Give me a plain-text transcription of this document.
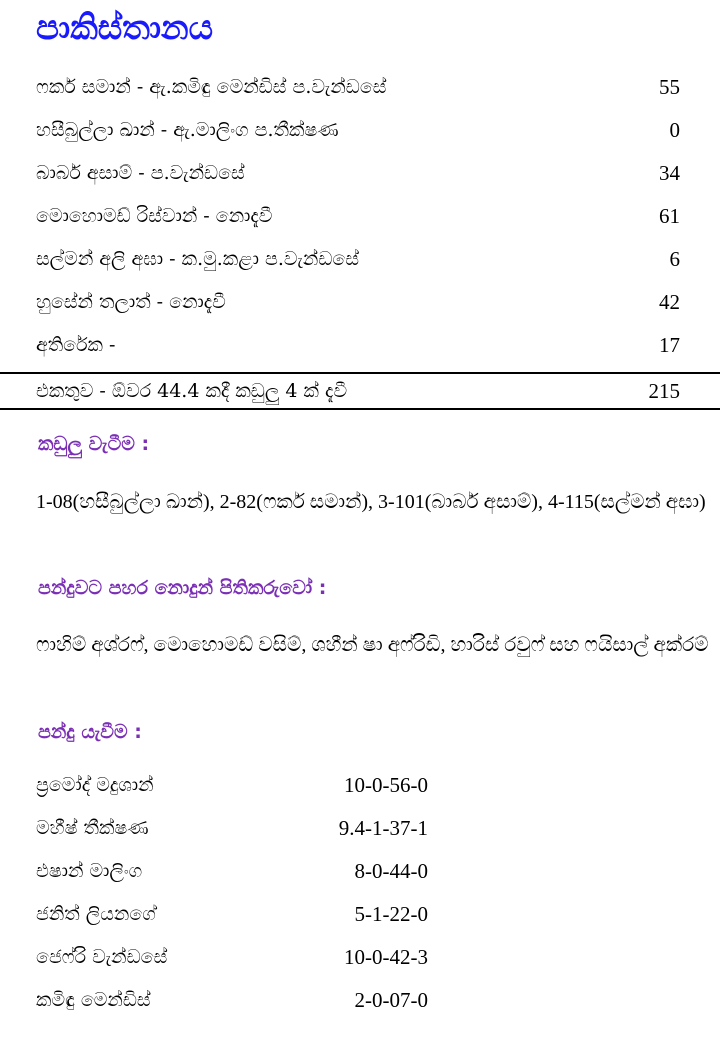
පාකිස්තානය
ෆකර් සමාන් - ඇ.කමිඳු මෙන්ඩිස් ප.වැන්ඩසේ	55
හසීබුල්ලා ඛාන් - ඇ.මාලිංග ප.තීක්ෂණ	0
බාබර් අසාම් - ප.වැන්ඩසේ	34
මොහොමඩ් රිස්වාන් - නොදැවී	61
සල්මන් අලි අඝා - ක.මු.කළා ප.වැන්ඩසේ	6
හුසේන් තලාත් - නොදැවී	42
අතිරේක -	17
එකතුව - ඕවර 44.4 කදී කඩුලු 4 ක් දැවී	215
කඩුලු වැටීම :

1-08(හසීබුල්ලා ඛාන්), 2-82(ෆකර් සමාන්), 3-101(බාබර් අසාම්), 4-115(සල්මන් අඝා)

පන්දුවට පහර නොදුන් පිතිකරුවෝ :

ෆාහිම් අශ්රෆ්, මොහොමඩ් වසිම්, ශහීන් ෂා අෆ්රිඩි, හාරිස් රවුෆ් සහ ෆයිසාල් අක්රම්

පන්දු යැවීම :
ප්‍රමෝද් මදුශාන්	10-0-56-0
මහීෂ් තීක්ෂණ	9.4-1-37-1
එෂාන් මාලිංග	8-0-44-0
ජනිත් ලියනගේ	5-1-22-0
ජෙෆ්රි වැන්ඩසේ	10-0-42-3
කමිඳු මෙන්ඩිස්	2-0-07-0
